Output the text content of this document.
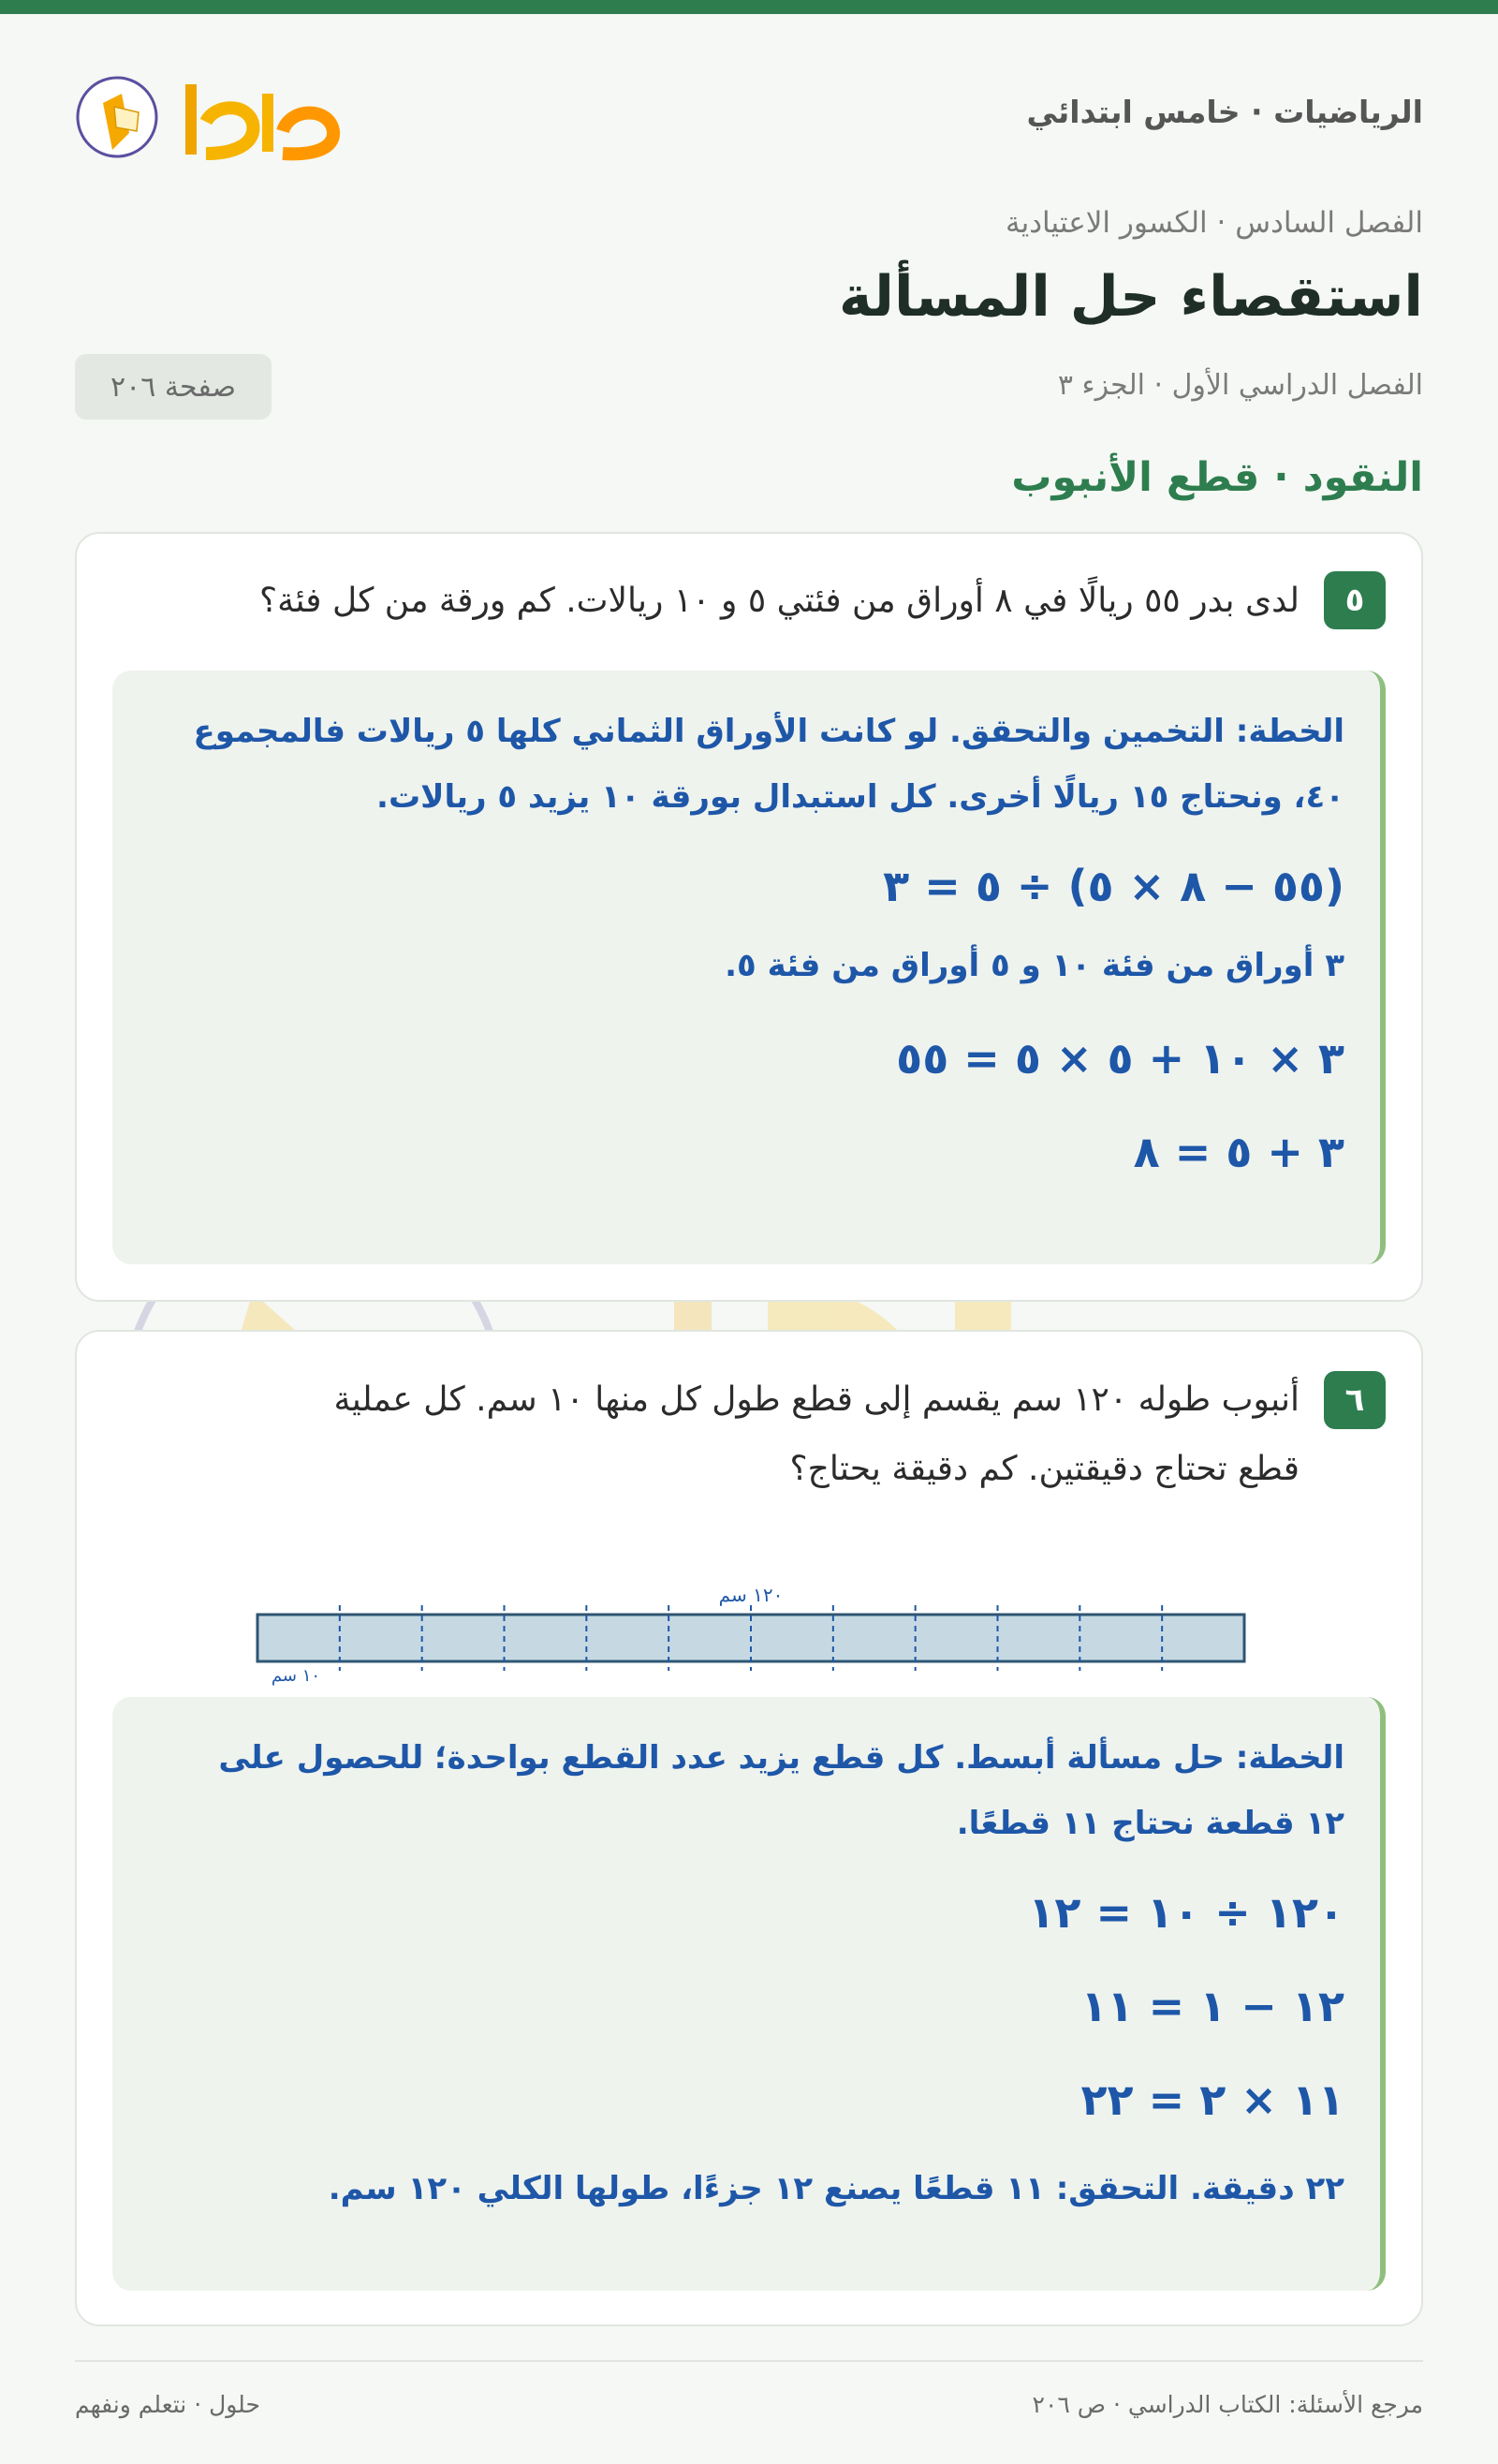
الرياضيات · خامس ابتدائي
حلول
الفصل السادس · الكسور الاعتيادية
استقصاء حل المسألة
الفصل الدراسي الأول · الجزء ٣
صفحة ٢٠٦
النقود · قطع الأنبوب
٥
لدى بدر ٥٥ ريالًا في ٨ أوراق من فئتي ٥ و ١٠ ريالات. كم ورقة من كل فئة؟
الخطة: التخمين والتحقق. لو كانت الأوراق الثماني كلها ٥ ريالات فالمجموع
٤٠، ونحتاج ١٥ ريالًا أخرى. كل استبدال بورقة ١٠ يزيد ٥ ريالات.
(٥٥ − ٨ × ٥) ÷ ٥ = ٣
٣ أوراق من فئة ١٠ و ٥ أوراق من فئة ٥.
٣ × ١٠ + ٥ × ٥ = ٥٥
٣ + ٥ = ٨
٦
أنبوب طوله ١٢٠ سم يقسم إلى قطع طول كل منها ١٠ سم. كل عملية
قطع تحتاج دقيقتين. كم دقيقة يحتاج؟
١٢٠ سم
١٠ سم
الخطة: حل مسألة أبسط. كل قطع يزيد عدد القطع بواحدة؛ للحصول على
١٢ قطعة نحتاج ١١ قطعًا.
١٢٠ ÷ ١٠ = ١٢
١٢ − ١ = ١١
١١ × ٢ = ٢٢
٢٢ دقيقة. التحقق: ١١ قطعًا يصنع ١٢ جزءًا، طولها الكلي ١٢٠ سم.
مرجع الأسئلة: الكتاب الدراسي · ص ٢٠٦
حلول · نتعلم ونفهم
